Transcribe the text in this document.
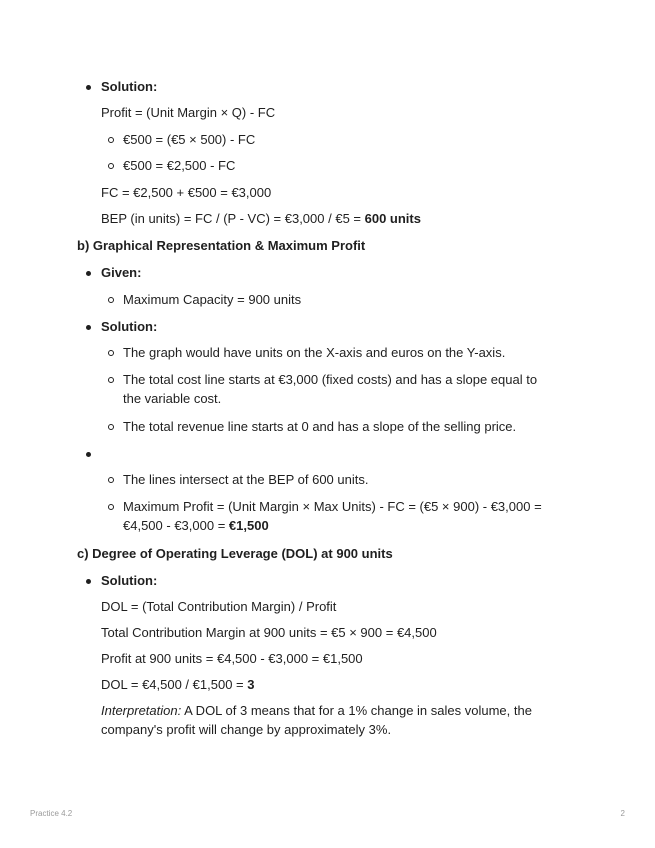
Solution:
Profit = (Unit Margin × Q) - FC
€500 = (€5 × 500) - FC
€500 = €2,500 - FC
FC = €2,500 + €500 = €3,000
BEP (in units) = FC / (P - VC) = €3,000 / €5 = 600 units
b) Graphical Representation & Maximum Profit
Given:
Maximum Capacity = 900 units
Solution:
The graph would have units on the X-axis and euros on the Y-axis.
The total cost line starts at €3,000 (fixed costs) and has a slope equal to
the variable cost.
The total revenue line starts at 0 and has a slope of the selling price.
The lines intersect at the BEP of 600 units.
Maximum Profit = (Unit Margin × Max Units) - FC = (€5 × 900) - €3,000 =
€4,500 - €3,000 = €1,500
c) Degree of Operating Leverage (DOL) at 900 units
Solution:
DOL = (Total Contribution Margin) / Profit
Total Contribution Margin at 900 units = €5 × 900 = €4,500
Profit at 900 units = €4,500 - €3,000 = €1,500
DOL = €4,500 / €1,500 = 3
Interpretation: A DOL of 3 means that for a 1% change in sales volume, the
company's profit will change by approximately 3%.
Practice 4.2	2
